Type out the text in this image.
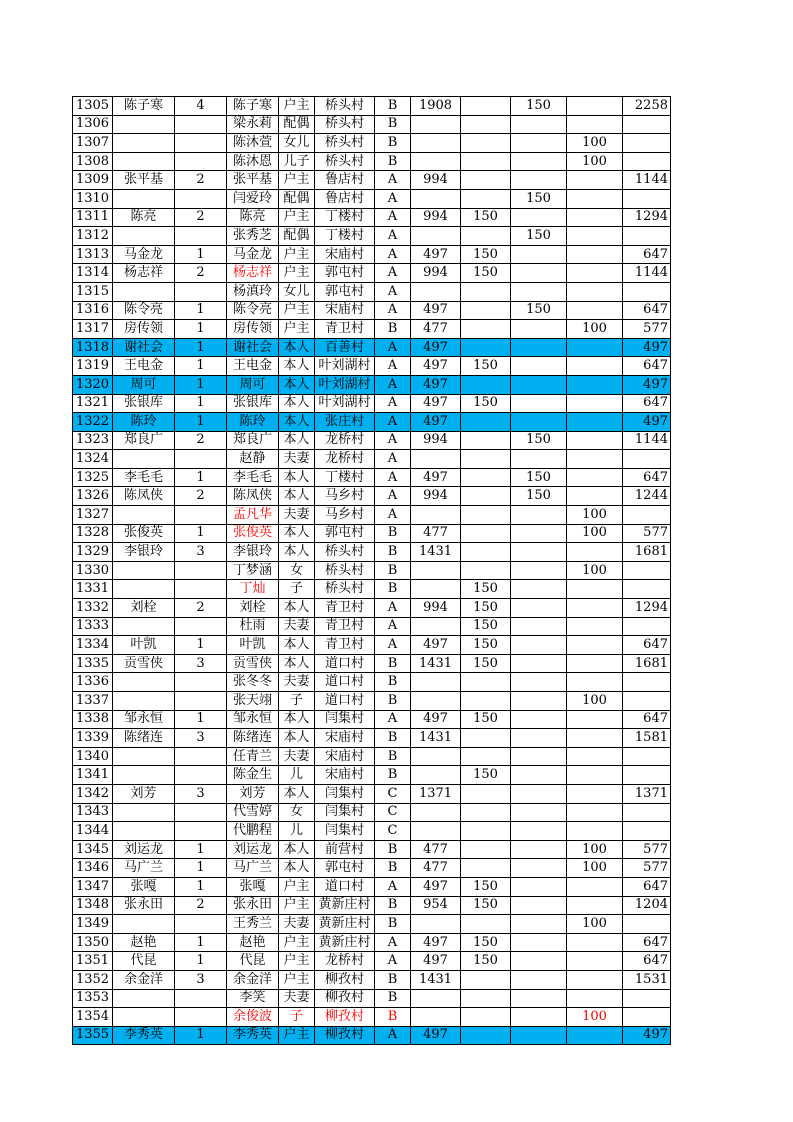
1305	陈子寒	4	陈子寒	户主	桥头村	B	1908		150		2258
1306			梁永莉	配偶	桥头村	B					
1307			陈沐萱	女儿	桥头村	B				100	
1308			陈沐恩	儿子	桥头村	B				100	
1309	张平基	2	张平基	户主	鲁店村	A	994				1144
1310			闫爱玲	配偶	鲁店村	A			150		
1311	陈亮	2	陈亮	户主	丁楼村	A	994	150			1294
1312			张秀芝	配偶	丁楼村	A			150		
1313	马金龙	1	马金龙	户主	宋庙村	A	497	150			647
1314	杨志祥	2	杨志祥	户主	郭屯村	A	994	150			1144
1315			杨滇玲	女儿	郭屯村	A					
1316	陈令亮	1	陈令亮	户主	宋庙村	A	497		150		647
1317	房传领	1	房传领	户主	青卫村	B	477			100	577
1318	谢社会	1	谢社会	本人	百善村	A	497				497
1319	王电金	1	王电金	本人	叶刘湖村	A	497	150			647
1320	周可	1	周可	本人	叶刘湖村	A	497				497
1321	张银库	1	张银库	本人	叶刘湖村	A	497	150			647
1322	陈玲	1	陈玲	本人	张庄村	A	497				497
1323	郑良广	2	郑良广	本人	龙桥村	A	994		150		1144
1324			赵静	夫妻	龙桥村	A					
1325	李毛毛	1	李毛毛	本人	丁楼村	A	497		150		647
1326	陈凤侠	2	陈凤侠	本人	马乡村	A	994		150		1244
1327			孟凡华	夫妻	马乡村	A				100	
1328	张俊英	1	张俊英	本人	郭屯村	B	477			100	577
1329	李银玲	3	李银玲	本人	桥头村	B	1431				1681
1330			丁梦涵	女	桥头村	B				100	
1331			丁灿	子	桥头村	B		150			
1332	刘栓	2	刘栓	本人	青卫村	A	994	150			1294
1333			杜雨	夫妻	青卫村	A		150			
1334	叶凯	1	叶凯	本人	青卫村	A	497	150			647
1335	贡雪侠	3	贡雪侠	本人	道口村	B	1431	150			1681
1336			张冬冬	夫妻	道口村	B					
1337			张天翊	子	道口村	B				100	
1338	邹永恒	1	邹永恒	本人	闫集村	A	497	150			647
1339	陈绪连	3	陈绪连	本人	宋庙村	B	1431				1581
1340			任青兰	夫妻	宋庙村	B					
1341			陈金生	儿	宋庙村	B		150			
1342	刘芳	3	刘芳	本人	闫集村	C	1371				1371
1343			代雪婷	女	闫集村	C					
1344			代鹏程	儿	闫集村	C					
1345	刘运龙	1	刘运龙	本人	前营村	B	477			100	577
1346	马广兰	1	马广兰	本人	郭屯村	B	477			100	577
1347	张嘎	1	张嘎	户主	道口村	A	497	150			647
1348	张永田	2	张永田	户主	黄新庄村	B	954	150			1204
1349			王秀兰	夫妻	黄新庄村	B				100	
1350	赵艳	1	赵艳	户主	黄新庄村	A	497	150			647
1351	代昆	1	代昆	户主	龙桥村	A	497	150			647
1352	余金洋	3	余金洋	户主	柳孜村	B	1431				1531
1353			李笑	夫妻	柳孜村	B					
1354			余俊波	子	柳孜村	B				100	
1355	李秀英	1	李秀英	户主	柳孜村	A	497				497
